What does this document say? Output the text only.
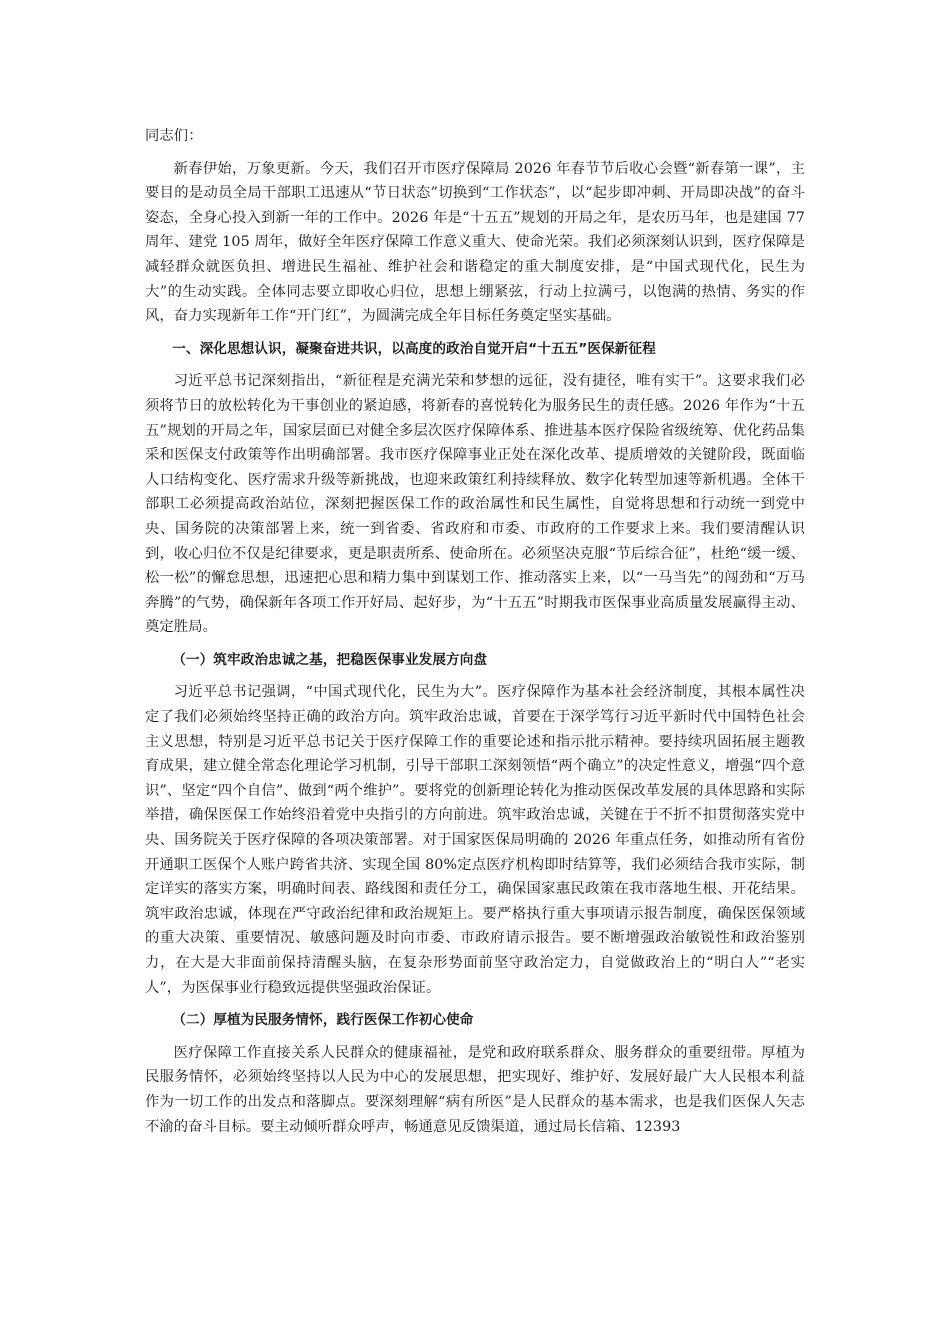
同志们：

新春伊始，万象更新。今天，我们召开市医疗保障局 2026 年春节节后收心会暨“新春第一课”，主要目的是动员全局干部职工迅速从“节日状态”切换到“工作状态”，以“起步即冲刺、开局即决战”的奋斗姿态，全身心投入到新一年的工作中。2026 年是“十五五”规划的开局之年，是农历马年，也是建国 77 周年、建党 105 周年，做好全年医疗保障工作意义重大、使命光荣。我们必须深刻认识到，医疗保障是减轻群众就医负担、增进民生福祉、维护社会和谐稳定的重大制度安排，是“中国式现代化，民生为大”的生动实践。全体同志要立即收心归位，思想上绷紧弦，行动上拉满弓，以饱满的热情、务实的作风，奋力实现新年工作“开门红”，为圆满完成全年目标任务奠定坚实基础。

一、深化思想认识，凝聚奋进共识，以高度的政治自觉开启“十五五”医保新征程

习近平总书记深刻指出，“新征程是充满光荣和梦想的远征，没有捷径，唯有实干”。这要求我们必须将节日的放松转化为干事创业的紧迫感，将新春的喜悦转化为服务民生的责任感。2026 年作为“十五五”规划的开局之年，国家层面已对健全多层次医疗保障体系、推进基本医疗保险省级统筹、优化药品集采和医保支付政策等作出明确部署。我市医疗保障事业正处在深化改革、提质增效的关键阶段，既面临人口结构变化、医疗需求升级等新挑战，也迎来政策红利持续释放、数字化转型加速等新机遇。全体干部职工必须提高政治站位，深刻把握医保工作的政治属性和民生属性，自觉将思想和行动统一到党中央、国务院的决策部署上来，统一到省委、省政府和市委、市政府的工作要求上来。我们要清醒认识到，收心归位不仅是纪律要求，更是职责所系、使命所在。必须坚决克服“节后综合征”，杜绝“缓一缓、松一松”的懈怠思想，迅速把心思和精力集中到谋划工作、推动落实上来，以“一马当先”的闯劲和“万马奔腾”的气势，确保新年各项工作开好局、起好步，为“十五五”时期我市医保事业高质量发展赢得主动、奠定胜局。

（一）筑牢政治忠诚之基，把稳医保事业发展方向盘

习近平总书记强调，“中国式现代化，民生为大”。医疗保障作为基本社会经济制度，其根本属性决定了我们必须始终坚持正确的政治方向。筑牢政治忠诚，首要在于深学笃行习近平新时代中国特色社会主义思想，特别是习近平总书记关于医疗保障工作的重要论述和指示批示精神。要持续巩固拓展主题教育成果，建立健全常态化理论学习机制，引导干部职工深刻领悟“两个确立”的决定性意义，增强“四个意识”、坚定“四个自信”、做到“两个维护”。要将党的创新理论转化为推动医保改革发展的具体思路和实际举措，确保医保工作始终沿着党中央指引的方向前进。筑牢政治忠诚，关键在于不折不扣贯彻落实党中央、国务院关于医疗保障的各项决策部署。对于国家医保局明确的 2026 年重点任务，如推动所有省份开通职工医保个人账户跨省共济、实现全国 80%定点医疗机构即时结算等，我们必须结合我市实际，制定详实的落实方案，明确时间表、路线图和责任分工，确保国家惠民政策在我市落地生根、开花结果。筑牢政治忠诚，体现在严守政治纪律和政治规矩上。要严格执行重大事项请示报告制度，确保医保领域的重大决策、重要情况、敏感问题及时向市委、市政府请示报告。要不断增强政治敏锐性和政治鉴别力，在大是大非面前保持清醒头脑，在复杂形势面前坚守政治定力，自觉做政治上的“明白人”“老实人”，为医保事业行稳致远提供坚强政治保证。

（二）厚植为民服务情怀，践行医保工作初心使命

医疗保障工作直接关系人民群众的健康福祉，是党和政府联系群众、服务群众的重要纽带。厚植为民服务情怀，必须始终坚持以人民为中心的发展思想，把实现好、维护好、发展好最广大人民根本利益作为一切工作的出发点和落脚点。要深刻理解“病有所医”是人民群众的基本需求，也是我们医保人矢志不渝的奋斗目标。要主动倾听群众呼声，畅通意见反馈渠道，通过局长信箱、12393
